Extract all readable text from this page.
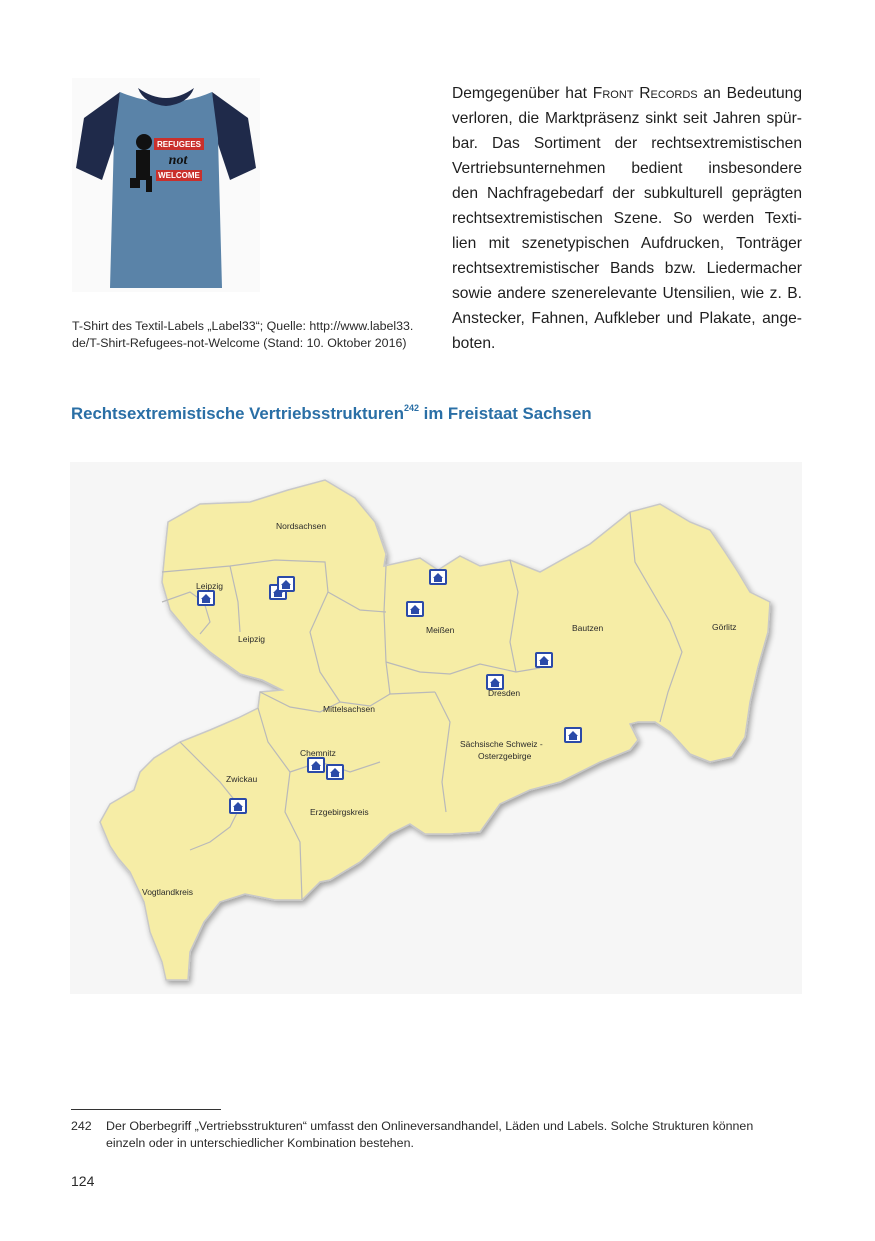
REFUGEES
not
WELCOME
T-Shirt des Textil-Labels „Label33“; Quelle: http://www.label33.
de/T-Shirt-Refugees-not-Welcome (Stand: 10. Oktober 2016)
Demgegenüber hat Front Records an Bedeutung
verloren, die Marktpräsenz sinkt seit Jahren spür-
bar. Das Sortiment der rechtsextremistischen
Vertriebsunternehmen bedient insbesondere
den Nachfragebedarf der subkulturell geprägten
rechtsextremistischen Szene. So werden Texti-
lien mit szenetypischen Aufdrucken, Tonträger
rechtsextremistischer Bands bzw. Liedermacher
sowie andere szenerelevante Utensilien, wie z. B.
Anstecker, Fahnen, Aufkleber und Plakate, ange-
boten.
Rechtsextremistische Vertriebsstrukturen$^{242}$ im Freistaat Sachsen
Nordsachsen
Leipzig
Leipzig
Meißen	Bautzen	Görlitz
Dresden
Mittelsachsen
Sächsische Schweiz -
Osterzgebirge
Chemnitz
Zwickau
Erzgebirgskreis
Vogtlandkreis
242 Der Oberbegriff „Vertriebsstrukturen“ umfasst den Onlineversandhandel, Läden und Labels. Solche Strukturen können
einzeln oder in unterschiedlicher Kombination bestehen.
124
